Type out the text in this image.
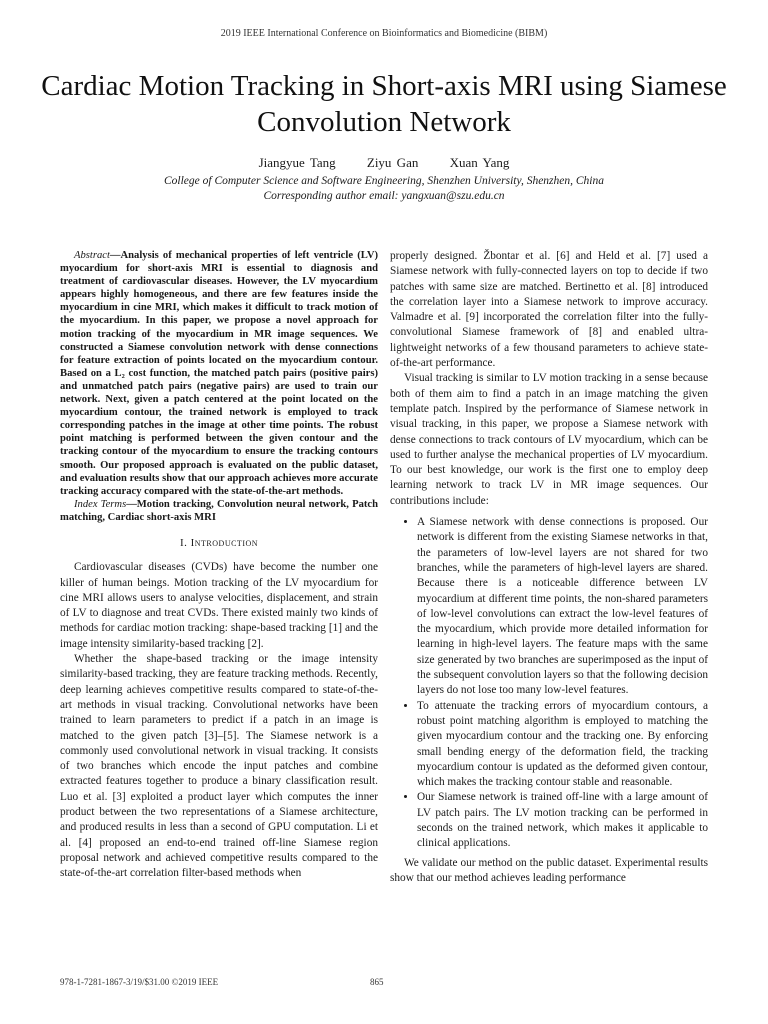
2019 IEEE International Conference on Bioinformatics and Biomedicine (BIBM)
Cardiac Motion Tracking in Short-axis MRI using Siamese Convolution Network
Jiangyue Tang Ziyu Gan Xuan Yang
College of Computer Science and Software Engineering, Shenzhen University, Shenzhen, China
Corresponding author email: yangxuan@szu.edu.cn

Abstract—Analysis of mechanical properties of left ventricle (LV) myocardium for short-axis MRI is essential to diagnosis and treatment of cardiovascular diseases. However, the LV myocardium appears highly homogeneous, and there are few features inside the myocardium in cine MRI, which makes it difficult to track motion of the myocardium. In this paper, we propose a novel approach for motion tracking of the myocardium in MR image sequences. We constructed a Siamese convolution network with dense connections for feature extraction of points located on the myocardium contour. Based on a L₂ cost function, the matched patch pairs (positive pairs) and unmatched patch pairs (negative pairs) are used to train our network. Next, given a patch centered at the point located on the myocardium contour, the trained network is employed to track corresponding patches in the image at other time points. The robust point matching is performed between the given contour and the tracking contour of the myocardium to ensure the tracking contours smooth. Our proposed approach is evaluated on the public dataset, and evaluation results show that our approach achieves more accurate tracking accuracy compared with the state-of-the-art methods.

Index Terms—Motion tracking, Convolution neural network, Patch matching, Cardiac short-axis MRI

I. Introduction

Cardiovascular diseases (CVDs) have become the number one killer of human beings. Motion tracking of the LV myocardium for cine MRI allows users to analyse velocities, displacement, and strain of LV to diagnose and treat CVDs. There existed mainly two kinds of methods for cardiac motion tracking: shape-based tracking [1] and the image intensity similarity-based tracking [2].

Whether the shape-based tracking or the image intensity similarity-based tracking, they are feature tracking methods. Recently, deep learning achieves competitive results compared to state-of-the-art methods in visual tracking. Convolutional networks have been trained to learn parameters to predict if a patch in an image is matched to the given patch [3]–[5]. The Siamese network is a commonly used convolutional network in visual tracking. It consists of two branches which encode the input patches and combine extracted features together to produce a binary classification result. Luo et al. [3] exploited a product layer which computes the inner product between the two representations of a Siamese architecture, and produced results in less than a second of GPU computation. Li et al. [4] proposed an end-to-end trained off-line Siamese region proposal network and achieved competitive results compared to the state-of-the-art correlation filter-based methods when

properly designed. Žbontar et al. [6] and Held et al. [7] used a Siamese network with fully-connected layers on top to decide if two patches with same size are matched. Bertinetto et al. [8] introduced the correlation layer into a Siamese network to improve accuracy. Valmadre et al. [9] incorporated the correlation filter into the fully-convolutional Siamese framework of [8] and enabled ultra-lightweight networks of a few thousand parameters to achieve state-of-the-art performance.

Visual tracking is similar to LV motion tracking in a sense because both of them aim to find a patch in an image matching the given template patch. Inspired by the performance of Siamese network in visual tracking, in this paper, we propose a Siamese network with dense connections to track contours of LV myocardium, which can be used to further analyse the mechanical properties of LV myocardium. To our best knowledge, our work is the first one to employ deep learning network to track LV in MR image sequences. Our contributions include:

• A Siamese network with dense connections is proposed. Our network is different from the existing Siamese networks in that, the parameters of low-level layers are not shared for two branches, while the parameters of high-level layers are shared. Because there is a noticeable difference between LV myocardium at different time points, the non-shared parameters of low-level convolutions can extract the low-level features of the myocardium, which provide more detailed information for learning in high-level layers. The feature maps with the same size generated by two branches are superimposed as the input of the subsequent convolution layers so that the following decision layers do not lose too many low-level features.
• To attenuate the tracking errors of myocardium contours, a robust point matching algorithm is employed to matching the given myocardium contour and the tracking one. By enforcing small bending energy of the deformation field, the tracking myocardium contour is updated as the deformed given contour, which makes the tracking contour stable and reasonable.
• Our Siamese network is trained off-line with a large amount of LV patch pairs. The LV motion tracking can be performed in seconds on the trained network, which makes it applicable to clinical applications.

We validate our method on the public dataset. Experimental results show that our method achieves leading performance

978-1-7281-1867-3/19/$31.00 ©2019 IEEE	865
